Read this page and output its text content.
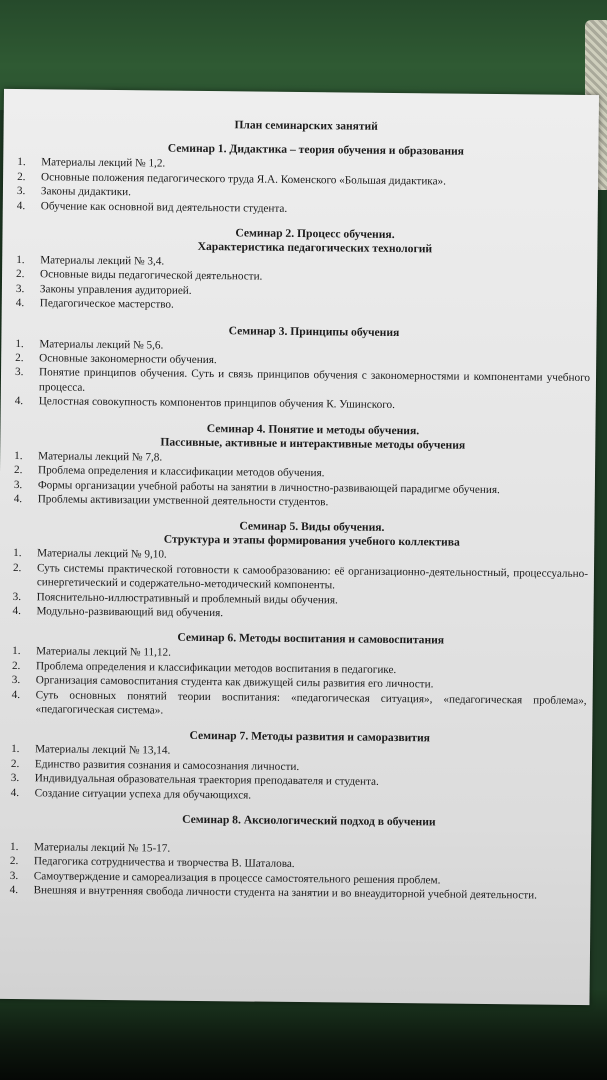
План семинарских занятий
Семинар 1. Дидактика – теория обучения и образования
1.	Материалы лекций № 1,2.
2.	Основные положения педагогического труда Я.А. Коменского «Большая дидактика».
3.	Законы дидактики.
4.	Обучение как основной вид деятельности студента.
Семинар 2. Процесс обучения.
Характеристика педагогических технологий
1.	Материалы лекций № 3,4.
2.	Основные виды педагогической деятельности.
3.	Законы управления аудиторией.
4.	Педагогическое мастерство.
Семинар 3. Принципы обучения
1.	Материалы лекций № 5,6.
2.	Основные закономерности обучения.
3.	Понятие принципов обучения. Суть и связь принципов обучения с закономерностями и компонентами учебного процесса.
4.	Целостная совокупность компонентов принципов обучения К. Ушинского.
Семинар 4. Понятие и методы обучения.
Пассивные, активные и интерактивные методы обучения
1.	Материалы лекций № 7,8.
2.	Проблема определения и классификации методов обучения.
3.	Формы организации учебной работы на занятии в личностно-развивающей парадигме обучения.
4.	Проблемы активизации умственной деятельности студентов.
Семинар 5. Виды обучения.
Структура и этапы формирования учебного коллектива
1.	Материалы лекций № 9,10.
2.	Суть системы практической готовности к самообразованию: её организационно-деятельностный, процессуально-синергетический и содержательно-методический компоненты.
3.	Пояснительно-иллюстративный и проблемный виды обучения.
4.	Модульно-развивающий вид обучения.
Семинар 6. Методы воспитания и самовоспитания
1.	Материалы лекций № 11,12.
2.	Проблема определения и классификации методов воспитания в педагогике.
3.	Организация самовоспитания студента как движущей силы развития его личности.
4.	Суть основных понятий теории воспитания: «педагогическая ситуация», «педагогическая проблема», «педагогическая система».
Семинар 7. Методы развития и саморазвития
1.	Материалы лекций № 13,14.
2.	Единство развития сознания и самосознания личности.
3.	Индивидуальная образовательная траектория преподавателя и студента.
4.	Создание ситуации успеха для обучающихся.
Семинар 8. Аксиологический подход в обучении
1.	Материалы лекций № 15-17.
2.	Педагогика сотрудничества и творчества В. Шаталова.
3.	Самоутверждение и самореализация в процессе самостоятельного решения проблем.
4.	Внешняя и внутренняя свобода личности студента на занятии и во внеаудиторной учебной деятельности.
